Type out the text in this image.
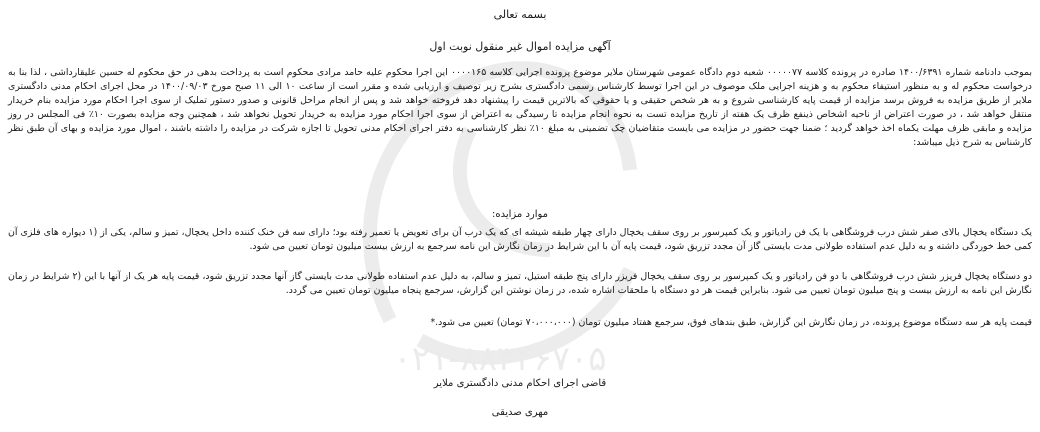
۰۲۱-۸۸۳۴۶۷۰۵
بسمه تعالی
آگهی مزایده اموال غیر منقول نوبت اول

بموجب دادنامه شماره ۱۴۰۰/۶۳۹۱ صادره در پرونده کلاسه ۰۰۰۰۰۷۷ شعبه دوم دادگاه عمومی شهرستان ملایر موضوع پرونده اجرایی کلاسه ۰۰۰۰۱۶۵ این اجرا محکوم علیه حامد مرادی محکوم است به پرداخت بدهی در حق محکوم له حسین علیقارداشی ، لذا بنا به درخواست محکوم له و به منظور استیفاء محکوم به و هزینه اجرایی ملک موصوف در این اجرا توسط کارشناس رسمی دادگستری بشرح زیر توصیف و ارزیابی شده و مقرر است از ساعت ۱۰ الی ۱۱ صبح مورخ ۱۴۰۰/۰۹/۰۳ در محل اجرای احکام مدنی دادگستری ملایر از طریق مزایده به فروش برسد مزایده از قیمت پایه کارشناسی شروع و به هر شخص حقیقی و یا حقوقی که بالاترین قیمت را پیشنهاد دهد فروخته خواهد شد و پس از انجام مراحل قانونی و صدور دستور تملیک از سوی اجرا احکام مورد مزایده بنام خریدار منتقل خواهد شد ، در صورت اعتراض از ناحیه اشخاص ذینفع ظرف یک هفته از تاریخ مزایده تست به نحوه انجام مزایده تا رسیدگی به اعتراض از سوی اجرا احکام مورد مزایده به خریدار تحویل نخواهد شد ، همچنین وجه مزایده بصورت ۱۰٪ فی المجلس در روز مزایده و مابقی ظرف مهلت یکماه اخذ خواهد گردید ؛ ضمنا جهت حضور در مزایده می بایست متقاضیان چک تضمینی به مبلغ ۱۰٪ نظر کارشناسی به دفتر اجرای احکام مدنی تحویل تا اجازه شرکت در مزایده را داشته باشند ، اموال مورد مزایده و بهای آن طبق نظر کارشناس به شرح ذیل میباشد:

موارد مزایده:

یک دستگاه یخچال بالای صفر شش درب فروشگاهی با یک فن رادیاتور و یک کمپرسور بر روی سقف یخچال دارای چهار طبقه شیشه ای که یک درب آن برای تعویض یا تعمیر رفته بود؛ دارای سه فن خنک کننده داخل یخچال، تمیز و سالم، یکی از (۱ دیواره های فلزی آن کمی خط خوردگی داشته و به دلیل عدم استفاده طولانی مدت بایستی گاز آن مجدد تزریق شود، قیمت پایه آن با این شرایط در زمان نگارش این نامه سرجمع به ارزش بیست میلیون تومان تعیین می شود.

دو دستگاه یخچال فریزر شش درب فروشگاهی با دو فن رادیاتور و یک کمپرسور بر روی سقف یخچال فریزر دارای پنج طبقه استیل، تمیز و سالم، به دلیل عدم استفاده طولانی مدت بایستی گاز آنها مجدد تزریق شود، قیمت پایه هر یک از آنها با این (۲ شرایط در زمان نگارش این نامه به ارزش بیست و پنج میلیون تومان تعیین می شود. بنابراین قیمت هر دو دستگاه با ملحقات اشاره شده، در زمان نوشتن این گزارش، سرجمع پنجاه میلیون تومان تعیین می گردد.

قیمت پایه هر سه دستگاه موضوع پرونده، در زمان نگارش این گزارش، طبق بندهای فوق، سرجمع هفتاد میلیون تومان (۷۰،۰۰۰،۰۰۰ تومان) تعیین می شود.*

قاضی اجرای احکام مدنی دادگستری ملایر
مهری صدیقی
